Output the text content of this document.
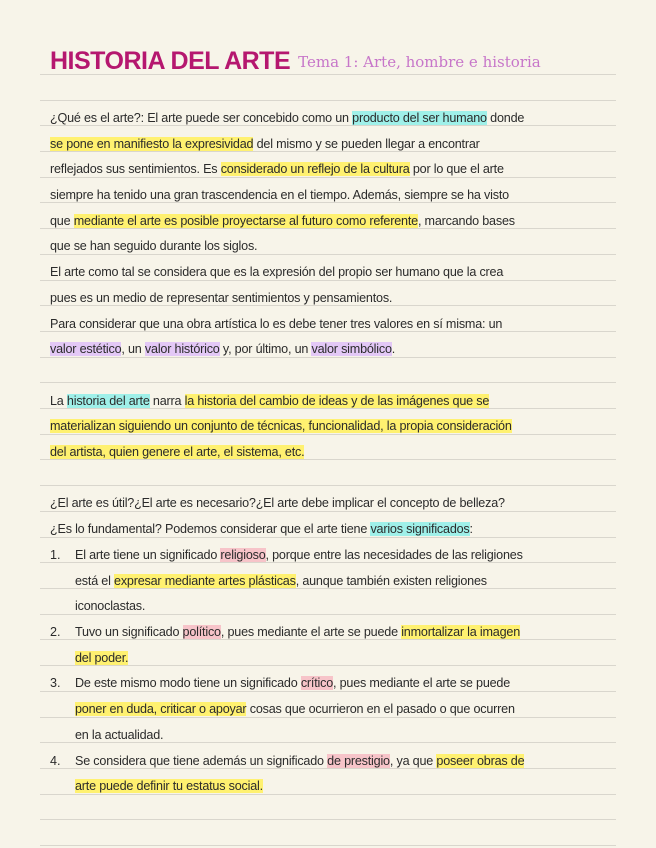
HISTORIA DEL ARTE Tema 1: Arte, hombre e historia
¿Qué es el arte?: El arte puede ser concebido como un producto del ser humano donde
se pone en manifiesto la expresividad del mismo y se pueden llegar a encontrar
reflejados sus sentimientos. Es considerado un reflejo de la cultura por lo que el arte
siempre ha tenido una gran trascendencia en el tiempo. Además, siempre se ha visto
que mediante el arte es posible proyectarse al futuro como referente, marcando bases
que se han seguido durante los siglos.
El arte como tal se considera que es la expresión del propio ser humano que la crea
pues es un medio de representar sentimientos y pensamientos.
Para considerar que una obra artística lo es debe tener tres valores en sí misma: un
valor estético, un valor histórico y, por último, un valor simbólico.
La historia del arte narra la historia del cambio de ideas y de las imágenes que se
materializan siguiendo un conjunto de técnicas, funcionalidad, la propia consideración
del artista, quien genere el arte, el sistema, etc.
¿El arte es útil?¿El arte es necesario?¿El arte debe implicar el concepto de belleza?
¿Es lo fundamental? Podemos considerar que el arte tiene varios significados:
1. El arte tiene un significado religioso, porque entre las necesidades de las religiones
está el expresar mediante artes plásticas, aunque también existen religiones
iconoclastas.
2. Tuvo un significado político, pues mediante el arte se puede inmortalizar la imagen
del poder.
3. De este mismo modo tiene un significado crítico, pues mediante el arte se puede
poner en duda, criticar o apoyar cosas que ocurrieron en el pasado o que ocurren
en la actualidad.
4. Se considera que tiene además un significado de prestigio, ya que poseer obras de
arte puede definir tu estatus social.
